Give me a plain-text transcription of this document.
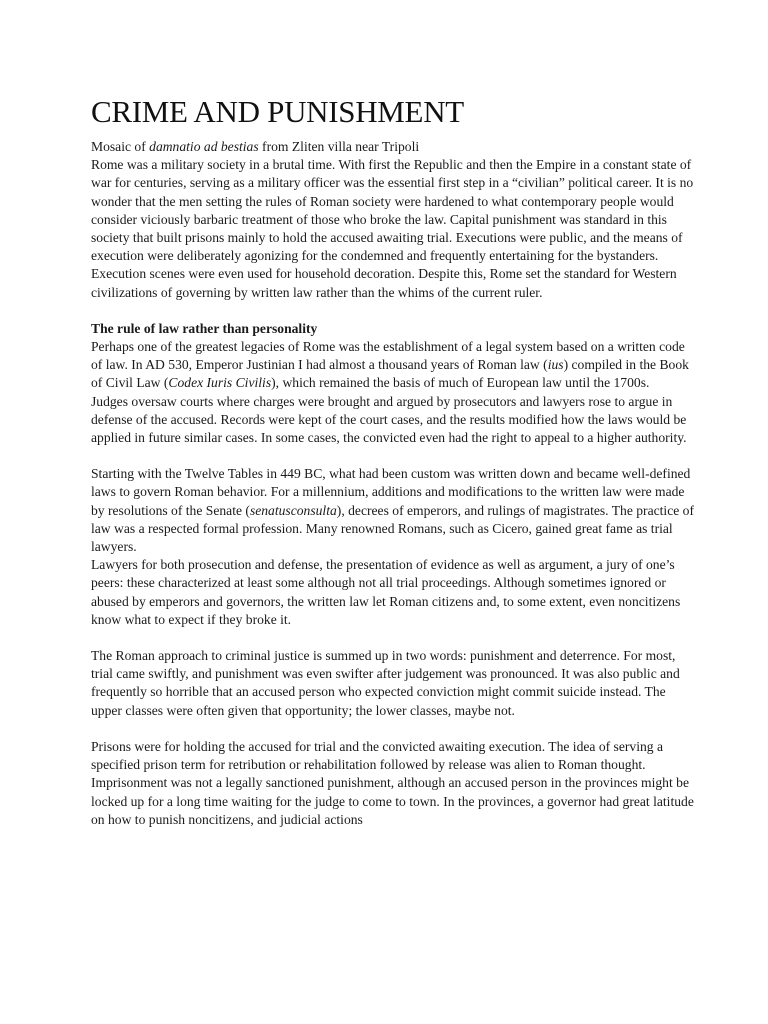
CRIME AND PUNISHMENT

Mosaic of damnatio ad bestias from Zliten villa near Tripoli

Rome was a military society in a brutal time. With first the Republic and then the Empire in a constant state of war for centuries, serving as a military officer was the essential first step in a “civilian” political career. It is no wonder that the men setting the rules of Roman society were hardened to what contemporary people would consider viciously barbaric treatment of those who broke the law. Capital punishment was standard in this society that built prisons mainly to hold the accused awaiting trial. Executions were public, and the means of execution were deliberately agonizing for the condemned and frequently entertaining for the bystanders. Execution scenes were even used for household decoration. Despite this, Rome set the standard for Western civilizations of governing by written law rather than the whims of the current ruler.

The rule of law rather than personality

Perhaps one of the greatest legacies of Rome was the establishment of a legal system based on a written code of law. In AD 530, Emperor Justinian I had almost a thousand years of Roman law (ius) compiled in the Book of Civil Law (Codex Iuris Civilis), which remained the basis of much of European law until the 1700s.

Judges oversaw courts where charges were brought and argued by prosecutors and lawyers rose to argue in defense of the accused. Records were kept of the court cases, and the results modified how the laws would be applied in future similar cases. In some cases, the convicted even had the right to appeal to a higher authority.

Starting with the Twelve Tables in 449 BC, what had been custom was written down and became well-defined laws to govern Roman behavior. For a millennium, additions and modifications to the written law were made by resolutions of the Senate (senatusconsulta), decrees of emperors, and rulings of magistrates. The practice of law was a respected formal profession. Many renowned Romans, such as Cicero, gained great fame as trial lawyers.

Lawyers for both prosecution and defense, the presentation of evidence as well as argument, a jury of one’s peers: these characterized at least some although not all trial proceedings. Although sometimes ignored or abused by emperors and governors, the written law let Roman citizens and, to some extent, even noncitizens know what to expect if they broke it.

The Roman approach to criminal justice is summed up in two words: punishment and deterrence. For most, trial came swiftly, and punishment was even swifter after judgement was pronounced. It was also public and frequently so horrible that an accused person who expected conviction might commit suicide instead. The upper classes were often given that opportunity; the lower classes, maybe not.

Prisons were for holding the accused for trial and the convicted awaiting execution. The idea of serving a specified prison term for retribution or rehabilitation followed by release was alien to Roman thought. Imprisonment was not a legally sanctioned punishment, although an accused person in the provinces might be locked up for a long time waiting for the judge to come to town. In the provinces, a governor had great latitude on how to punish noncitizens, and judicial actions
